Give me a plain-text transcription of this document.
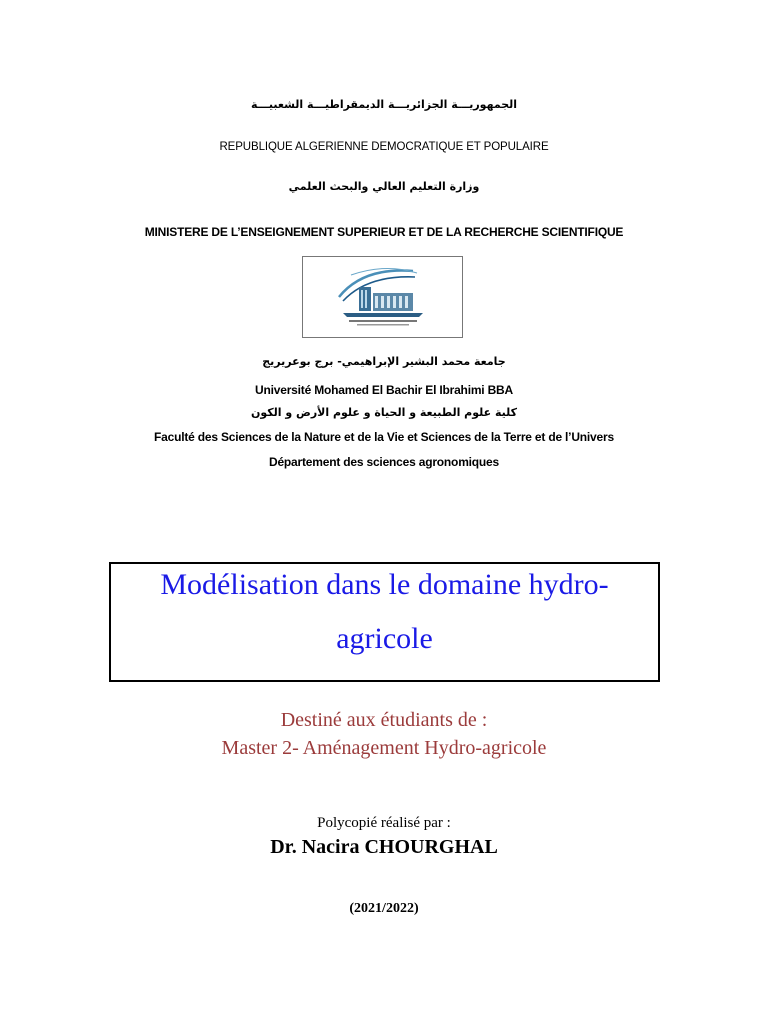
الجمهوريـــة الجزائريـــة الديمقراطيـــة الشعبيـــة
REPUBLIQUE ALGERIENNE DEMOCRATIQUE ET POPULAIRE
وزارة التعليم العالي والبحث العلمي
MINISTERE DE L’ENSEIGNEMENT SUPERIEUR ET DE LA RECHERCHE SCIENTIFIQUE
جامعة محمد البشير الإبراهيمي- برج بوعريريج
Université Mohamed El Bachir El Ibrahimi BBA
كلية علوم الطبيعة و الحياة و علوم الأرض و الكون
Faculté des Sciences de la Nature et de la Vie et Sciences de la Terre et de l’Univers
Département des sciences agronomiques
Modélisation dans le domaine hydro-
agricole
Destiné aux étudiants de :
Master 2- Aménagement Hydro-agricole
Polycopié réalisé par :
Dr. Nacira CHOURGHAL
(2021/2022)
